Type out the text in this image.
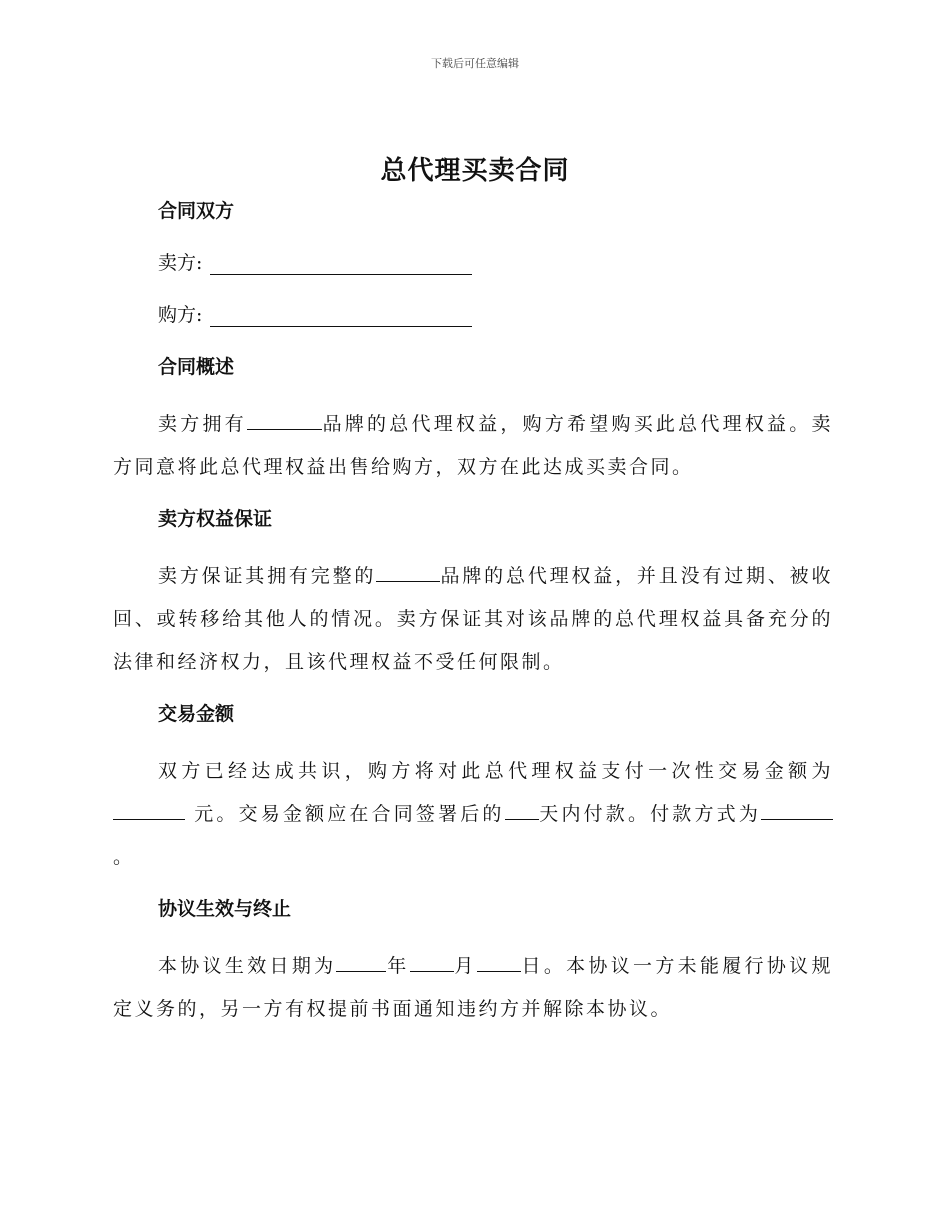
下载后可任意编辑
总代理买卖合同
合同双方
卖方:
购方:
合同概述

卖方拥有	品牌的总代理权益，购方希望购买此总代理权益。卖方同意将此总代理权益出售给购方，双方在此达成买卖合同。

卖方权益保证

卖方保证其拥有完整的	品牌的总代理权益，并且没有过期、被收回、或转移给其他人的情况。卖方保证其对该品牌的总代理权益具备充分的法律和经济权力，且该代理权益不受任何限制。

交易金额

双方已经达成共识，购方将对此总代理权益支付一次性交易金额为 元。交易金额应在合同签署后的 天内付款。付款方式为。

协议生效与终止

本协议生效日期为	年 月 日。本协议一方未能履行协议规定义务的，另一方有权提前书面通知违约方并解除本协议。
